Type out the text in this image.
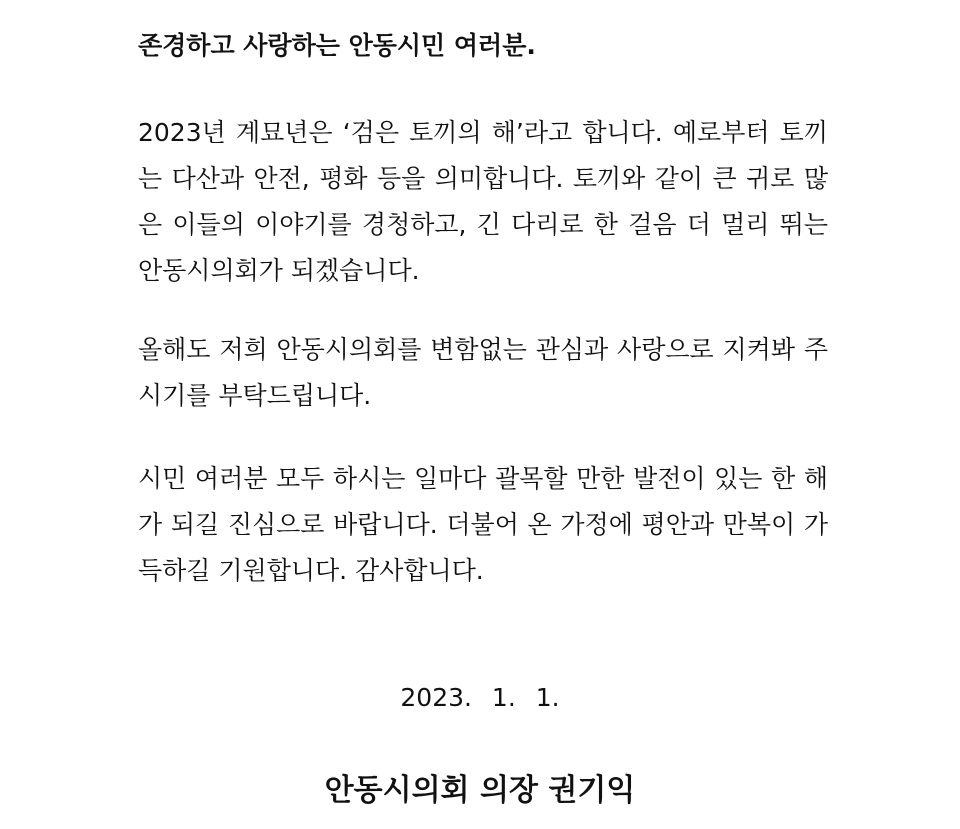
존경하고 사랑하는 안동시민 여러분.

2023년 계묘년은 ‘검은 토끼의 해’라고 합니다. 예로부터 토끼는 다산과 안전, 평화 등을 의미합니다. 토끼와 같이 큰 귀로 많은 이들의 이야기를 경청하고, 긴 다리로 한 걸음 더 멀리 뛰는 안동시의회가 되겠습니다.

올해도 저희 안동시의회를 변함없는 관심과 사랑으로 지켜봐 주시기를 부탁드립니다.

시민 여러분 모두 하시는 일마다 괄목할 만한 발전이 있는 한 해가 되길 진심으로 바랍니다. 더불어 온 가정에 평안과 만복이 가득하길 기원합니다. 감사합니다.

2023. 1. 1.
안동시의회 의장 권기익
